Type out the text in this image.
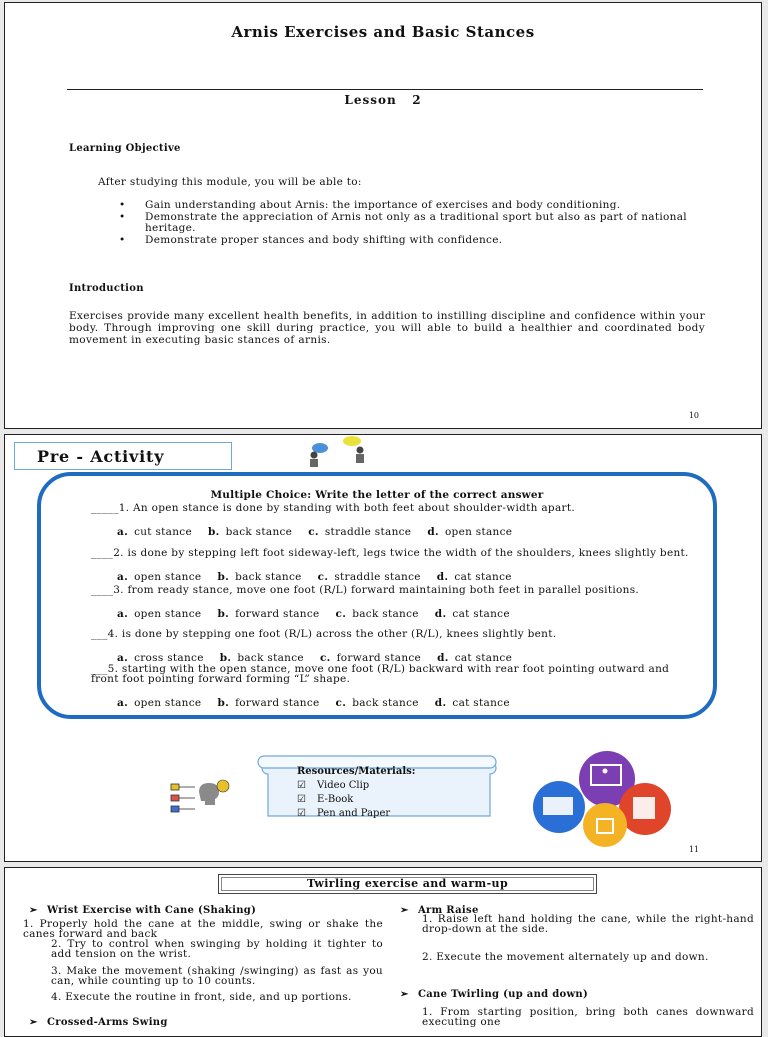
Arnis Exercises and Basic Stances
Lesson   2
Learning Objective
After studying this module, you will be able to:
• Gain understanding about Arnis: the importance of exercises and body conditioning.
• Demonstrate the appreciation of Arnis not only as a traditional sport but also as part of national heritage.
• Demonstrate proper stances and body shifting with confidence.
Introduction
Exercises provide many excellent health benefits, in addition to instilling discipline and confidence within your body. Through improving one skill during practice, you will able to build a healthier and coordinated body movement in executing basic stances of arnis.
10
Pre - Activity
Multiple Choice: Write the letter of the correct answer
_____1. An open stance is done by standing with both feet about shoulder-width apart.
a. cut stance b. back stance c. straddle stance d. open stance
____2. is done by stepping left foot sideway-left, legs twice the width of the shoulders, knees slightly bent.
a. open stance b. back stance c. straddle stance d. cat stance
____3. from ready stance, move one foot (R/L) forward maintaining both feet in parallel positions.
a. open stance b. forward stance c. back stance d. cat stance
___4. is done by stepping one foot (R/L) across the other (R/L), knees slightly bent.
a. cross stance b. back stance c. forward stance d. cat stance
___5. starting with the open stance, move one foot (R/L) backward with rear foot pointing outward and front foot pointing forward forming “L” shape.
a. open stance b. forward stance c. back stance d. cat stance
Resources/Materials:
☑ Video Clip
☑ E-Book
☑ Pen and Paper
11
Twirling exercise and warm-up
➢ Wrist Exercise with Cane (Shaking)
1. Properly hold the cane at the middle, swing or shake the canes forward and back
2. Try to control when swinging by holding it tighter to add tension on the wrist.
3. Make the movement (shaking /swinging) as fast as you can, while counting up to 10 counts.
4. Execute the routine in front, side, and up portions.
➢ Crossed-Arms Swing
➢ Arm Raise
1. Raise left hand holding the cane, while the right-hand drop-down at the side.
2. Execute the movement alternately up and down.
➢ Cane Twirling (up and down)
1. From starting position, bring both canes downward executing one
